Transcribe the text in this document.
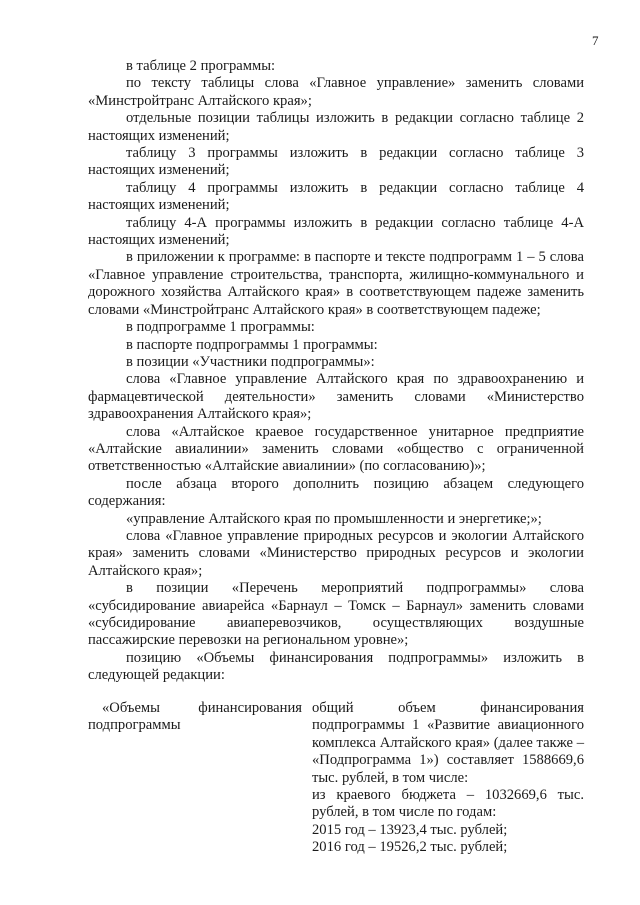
7

в таблице 2 программы:

по тексту таблицы слова «Главное управление» заменить словами «Минстройтранс Алтайского края»;

отдельные позиции таблицы изложить в редакции согласно таблице 2 настоящих изменений;

таблицу 3 программы изложить в редакции согласно таблице 3 настоящих изменений;

таблицу 4 программы изложить в редакции согласно таблице 4 настоящих изменений;

таблицу 4-А программы изложить в редакции согласно таблице 4-А настоящих изменений;

в приложении к программе: в паспорте и тексте подпрограмм 1 – 5 слова «Главное управление строительства, транспорта, жилищно-коммунального и дорожного хозяйства Алтайского края» в соответствующем падеже заменить словами «Минстройтранс Алтайского края» в соответствующем падеже;

в подпрограмме 1 программы:

в паспорте подпрограммы 1 программы:

в позиции «Участники подпрограммы»:

слова «Главное управление Алтайского края по здравоохранению и фармацевтической деятельности» заменить словами «Министерство здравоохранения Алтайского края»;

слова «Алтайское краевое государственное унитарное предприятие «Алтайские авиалинии» заменить словами «общество с ограниченной ответственностью «Алтайские авиалинии» (по согласованию)»;

после абзаца второго дополнить позицию абзацем следующего содержания:

«управление Алтайского края по промышленности и энергетике;»;

слова «Главное управление природных ресурсов и экологии Алтайского края» заменить словами «Министерство природных ресурсов и экологии Алтайского края»;

в позиции «Перечень мероприятий подпрограммы» слова «субсидирование авиарейса «Барнаул – Томск – Барнаул» заменить словами «субсидирование авиаперевозчиков, осуществляющих воздушные пассажирские перевозки на региональном уровне»;

позицию «Объемы финансирования подпрограммы» изложить в следующей редакции:

«Объемы	финансирования
подпрограммы

общий объем финансирования подпрограммы 1 «Развитие авиационного комплекса Алтайского края» (далее также – «Подпрограмма 1») составляет 1588669,6 тыс. рублей, в том числе:

из краевого бюджета – 1032669,6 тыс. рублей, в том числе по годам:

2015 год – 13923,4 тыс. рублей;

2016 год – 19526,2 тыс. рублей;
